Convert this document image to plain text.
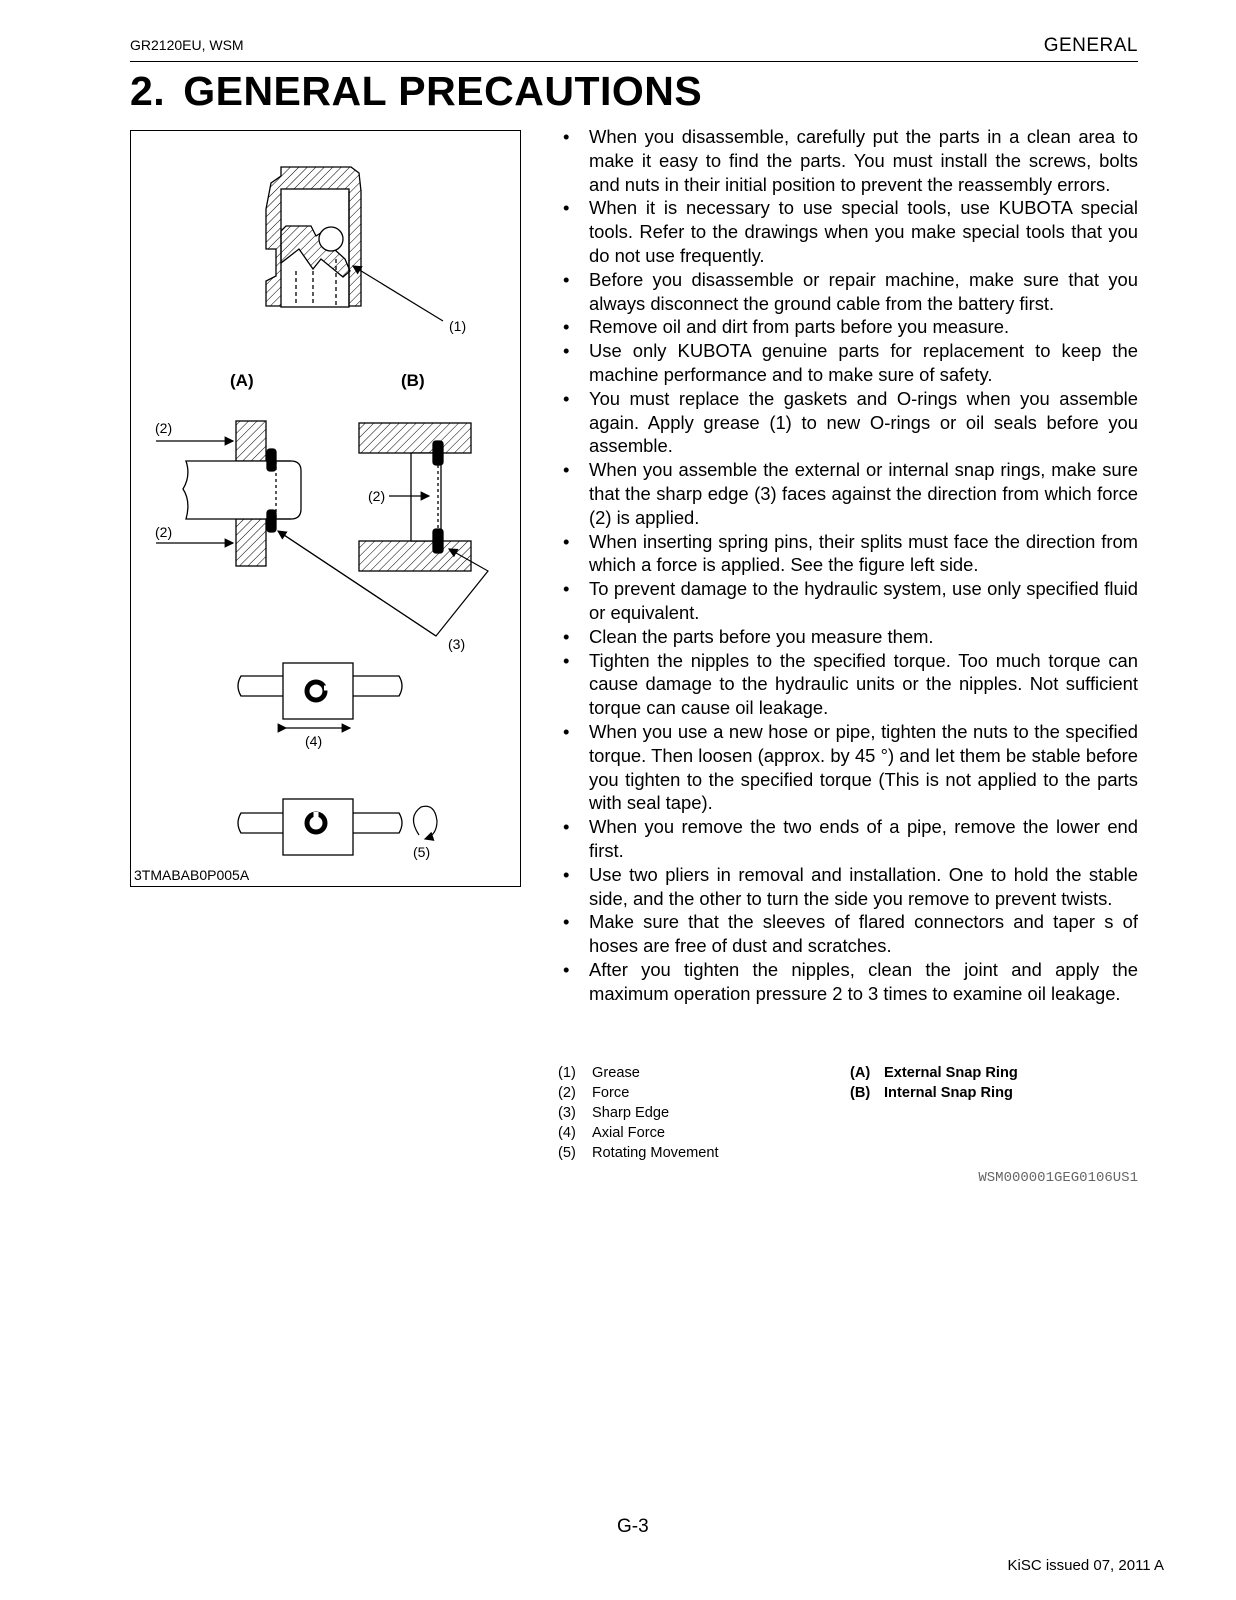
GR2120EU, WSM	GENERAL
2. GENERAL PRECAUTIONS
(1)
(A)
(2)
(2)
(B)
(2)
(3)
(4)
(5)
3TMABAB0P005A
• When you disassemble, carefully put the parts in a clean area to make it easy to find the parts. You must install the screws, bolts and nuts in their initial position to prevent the reassembly errors.
• When it is necessary to use special tools, use KUBOTA special tools. Refer to the drawings when you make special tools that you do not use frequently.
• Before you disassemble or repair machine, make sure that you always disconnect the ground cable from the battery first.
• Remove oil and dirt from parts before you measure.
• Use only KUBOTA genuine parts for replacement to keep the machine performance and to make sure of safety.
• You must replace the gaskets and O-rings when you assemble again. Apply grease (1) to new O-rings or oil seals before you assemble.
• When you assemble the external or internal snap rings, make sure that the sharp edge (3) faces against the direction from which force (2) is applied.
• When inserting spring pins, their splits must face the direction from which a force is applied. See the figure left side.
• To prevent damage to the hydraulic system, use only specified fluid or equivalent.
• Clean the parts before you measure them.
• Tighten the nipples to the specified torque. Too much torque can cause damage to the hydraulic units or the nipples. Not sufficient torque can cause oil leakage.
• When you use a new hose or pipe, tighten the nuts to the specified torque. Then loosen (approx. by 45 °) and let them be stable before you tighten to the specified torque (This is not applied to the parts with seal tape).
• When you remove the two ends of a pipe, remove the lower end first.
• Use two pliers in removal and installation. One to hold the stable side, and the other to turn the side you remove to prevent twists.
• Make sure that the sleeves of flared connectors and taper s of hoses are free of dust and scratches.
• After you tighten the nipples, clean the joint and apply the maximum operation pressure 2 to 3 times to examine oil leakage.
(1)	Grease
(2)	Force
(3)	Sharp Edge
(4)	Axial Force
(5)	Rotating Movement
(A) External Snap Ring
(B) Internal Snap Ring
WSM000001GEG0106US1
G-3
KiSC issued 07, 2011 A
